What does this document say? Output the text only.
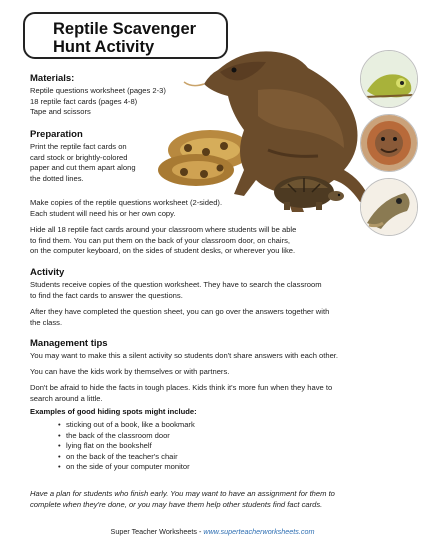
Reptile Scavenger
Hunt Activity
Materials:

Reptile questions worksheet (pages 2-3)

18 reptile fact cards (pages 4-8)

Tape and scissors

Preparation

Print the reptile fact cards on

card stock or brightly-colored

paper and cut them apart along

the dotted lines.

Make copies of the reptile questions worksheet (2-sided).

Each student will need his or her own copy.

Hide all 18 reptile fact cards around your classroom where students will be able

to find them. You can put them on the back of your classroom door, on chairs,

on the computer keyboard, on the sides of student desks, or wherever you like.

Activity

Students receive copies of the question worksheet. They have to search the classroom

to find the fact cards to answer the questions.

After they have completed the question sheet, you can go over the answers together with

the class.

Management tips

You may want to make this a silent activity so students don't share answers with each other.

You can have the kids work by themselves or with partners.

Don't be afraid to hide the facts in tough places. Kids think it's more fun when they have to

search around a little.

Examples of good hiding spots might include:
• sticking out of a book, like a bookmark
• the back of the classroom door
• lying flat on the bookshelf
• on the back of the teacher's chair
• on the side of your computer monitor
Have a plan for students who finish early. You may want to have an assignment for them to
complete when they're done, or you may have them help other students find fact cards.
Super Teacher Worksheets - www.superteacherworksheets.com
